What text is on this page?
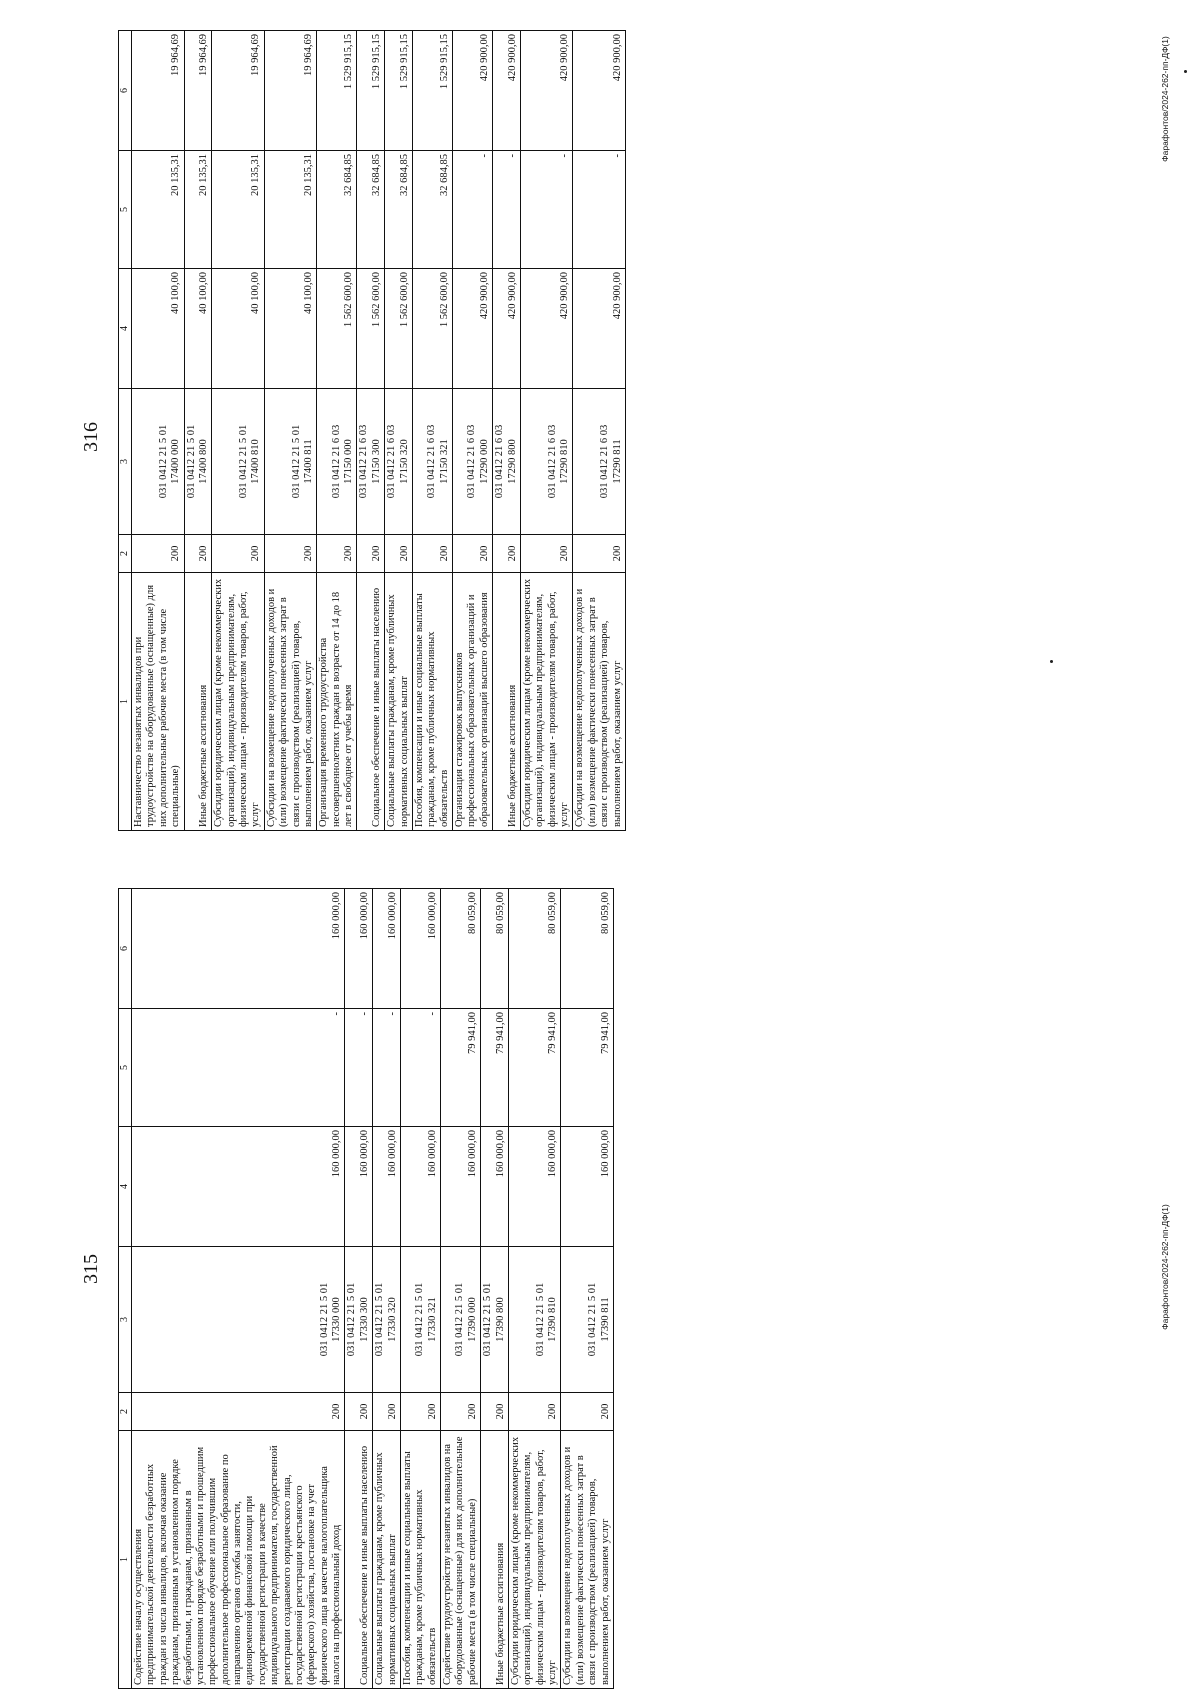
315
1	2	3	4	5	6
Содействие началу осуществления предпринимательской деятельности безработных граждан из числа инвалидов, включая оказание гражданам, признанным в установленном порядке безработными, и гражданам, признанным в установленном порядке безработными и прошедшим профессиональное обучение или получившим дополнительное профессиональное образование по направлению органов службы занятости, единовременной финансовой помощи при государственной регистрации в качестве индивидуального предпринимателя, государственной регистрации создаваемого юридического лица, государственной регистрации крестьянского (фермерского) хозяйства, постановке на учет физического лица в качестве налогоплательщика налога на профессиональный доход	200	031 0412 21 5 01 17330 000	160 000,00	-	160 000,00
Социальное обеспечение и иные выплаты населению	200	031 0412 21 5 01 17330 300	160 000,00	-	160 000,00
Социальные выплаты гражданам, кроме публичных нормативных социальных выплат	200	031 0412 21 5 01 17330 320	160 000,00	-	160 000,00
Пособия, компенсации и иные социальные выплаты гражданам, кроме публичных нормативных обязательств	200	031 0412 21 5 01 17330 321	160 000,00	-	160 000,00
Содействие трудоустройству незанятых инвалидов на оборудованные (оснащенные) для них дополнительные рабочие места (в том числе специальные)	200	031 0412 21 5 01 17390 000	160 000,00	79 941,00	80 059,00
Иные бюджетные ассигнования	200	031 0412 21 5 01 17390 800	160 000,00	79 941,00	80 059,00
Субсидии юридическим лицам (кроме некоммерческих организаций), индивидуальным предпринимателям, физическим лицам - производителям товаров, работ, услуг	200	031 0412 21 5 01 17390 810	160 000,00	79 941,00	80 059,00
Субсидии на возмещение недополученных доходов и (или) возмещение фактически понесенных затрат в связи с производством (реализацией) товаров, выполнением работ, оказанием услуг	200	031 0412 21 5 01 17390 811	160 000,00	79 941,00	80 059,00
Фарафонтов/2024-262-пп-ДФ(1)
316
1	2	3	4	5	6
Наставничество незанятых инвалидов при трудоустройстве на оборудованные (оснащенные) для них дополнительные рабочие места (в том числе специальные)	200	031 0412 21 5 01 17400 000	40 100,00	20 135,31	19 964,69
Иные бюджетные ассигнования	200	031 0412 21 5 01 17400 800	40 100,00	20 135,31	19 964,69
Субсидии юридическим лицам (кроме некоммерческих организаций), индивидуальным предпринимателям, физическим лицам - производителям товаров, работ, услуг	200	031 0412 21 5 01 17400 810	40 100,00	20 135,31	19 964,69
Субсидии на возмещение недополученных доходов и (или) возмещение фактически понесенных затрат в связи с производством (реализацией) товаров, выполнением работ, оказанием услуг	200	031 0412 21 5 01 17400 811	40 100,00	20 135,31	19 964,69
Организация временного трудоустройства несовершеннолетних граждан в возрасте от 14 до 18 лет в свободное от учебы время	200	031 0412 21 6 03 17150 000	1 562 600,00	32 684,85	1 529 915,15
Социальное обеспечение и иные выплаты населению	200	031 0412 21 6 03 17150 300	1 562 600,00	32 684,85	1 529 915,15
Социальные выплаты гражданам, кроме публичных нормативных социальных выплат	200	031 0412 21 6 03 17150 320	1 562 600,00	32 684,85	1 529 915,15
Пособия, компенсации и иные социальные выплаты гражданам, кроме публичных нормативных обязательств	200	031 0412 21 6 03 17150 321	1 562 600,00	32 684,85	1 529 915,15
Организация стажировок выпускников профессиональных образовательных организаций и образовательных организаций высшего образования	200	031 0412 21 6 03 17290 000	420 900,00	-	420 900,00
Иные бюджетные ассигнования	200	031 0412 21 6 03 17290 800	420 900,00	-	420 900,00
Субсидии юридическим лицам (кроме некоммерческих организаций), индивидуальным предпринимателям, физическим лицам - производителям товаров, работ, услуг	200	031 0412 21 6 03 17290 810	420 900,00	-	420 900,00
Субсидии на возмещение недополученных доходов и (или) возмещение фактически понесенных затрат в связи с производством (реализацией) товаров, выполнением работ, оказанием услуг	200	031 0412 21 6 03 17290 811	420 900,00	-	420 900,00	Фарафонтов/2024-262-пп-ДФ(1)
